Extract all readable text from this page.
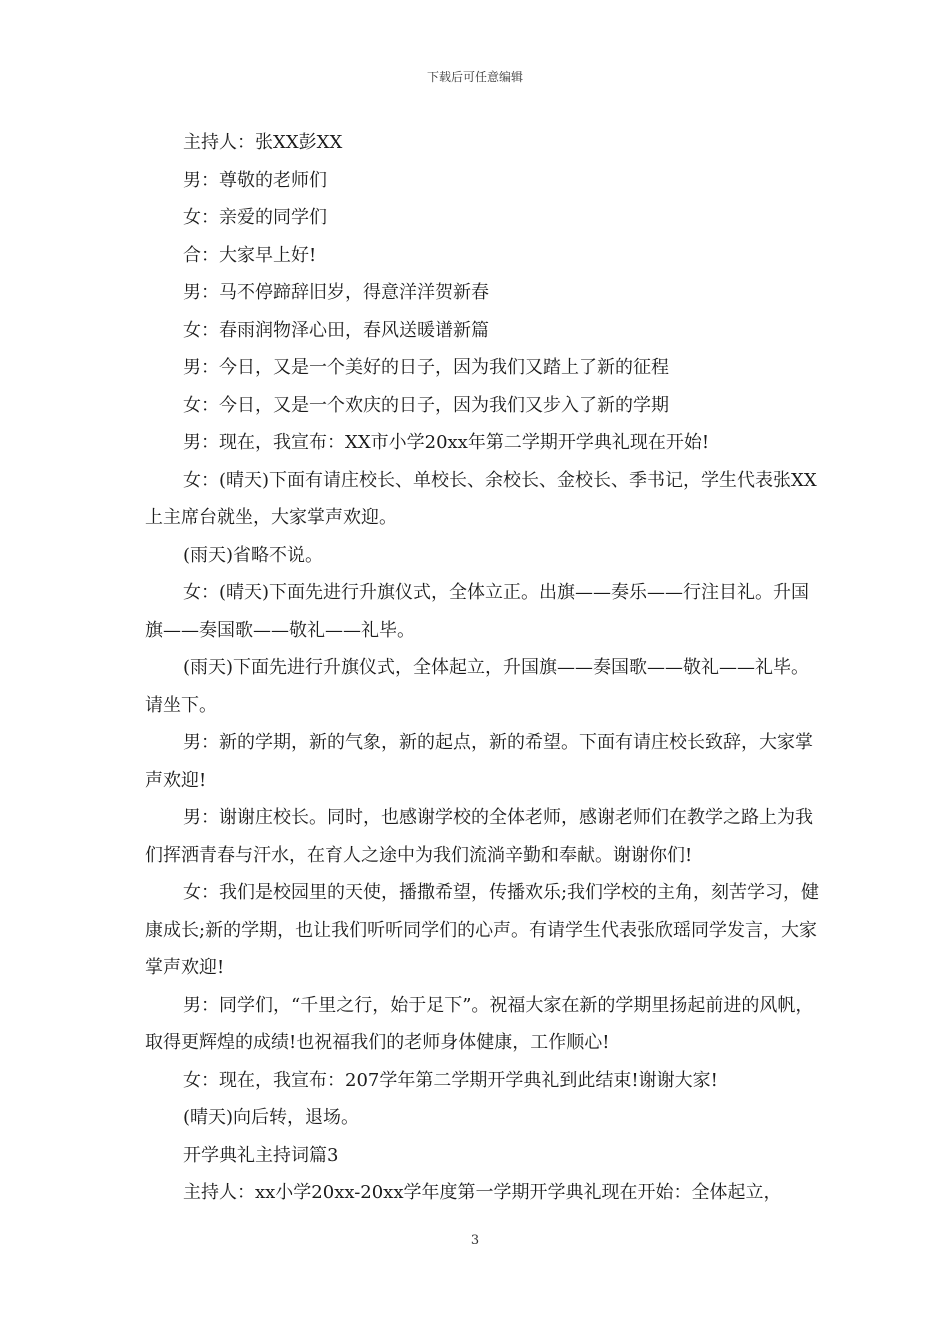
下载后可任意编辑

主持人：张XX彭XX

男：尊敬的老师们

女：亲爱的同学们

合：大家早上好!

男：马不停蹄辞旧岁，得意洋洋贺新春

女：春雨润物泽心田，春风送暖谱新篇

男：今日，又是一个美好的日子，因为我们又踏上了新的征程

女：今日，又是一个欢庆的日子，因为我们又步入了新的学期

男：现在，我宣布：XX市小学20xx年第二学期开学典礼现在开始!

女：(晴天)下面有请庄校长、单校长、余校长、金校长、季书记，学生代表张XX上主席台就坐，大家掌声欢迎。

(雨天)省略不说。

女：(晴天)下面先进行升旗仪式，全体立正。出旗——奏乐——行注目礼。升国旗——奏国歌——敬礼——礼毕。

(雨天)下面先进行升旗仪式，全体起立，升国旗——奏国歌——敬礼——礼毕。请坐下。

男：新的学期，新的气象，新的起点，新的希望。下面有请庄校长致辞，大家掌声欢迎!

男：谢谢庄校长。同时，也感谢学校的全体老师，感谢老师们在教学之路上为我们挥洒青春与汗水，在育人之途中为我们流淌辛勤和奉献。谢谢你们!

女：我们是校园里的天使，播撒希望，传播欢乐;我们学校的主角，刻苦学习，健康成长;新的学期，也让我们听听同学们的心声。有请学生代表张欣瑶同学发言，大家掌声欢迎!

男：同学们，“千里之行，始于足下”。祝福大家在新的学期里扬起前进的风帆，取得更辉煌的成绩!也祝福我们的老师身体健康，工作顺心!

女：现在，我宣布：207学年第二学期开学典礼到此结束!谢谢大家!

(晴天)向后转，退场。

开学典礼主持词篇3

主持人：xx小学20xx-20xx学年度第一学期开学典礼现在开始：全体起立，

3
